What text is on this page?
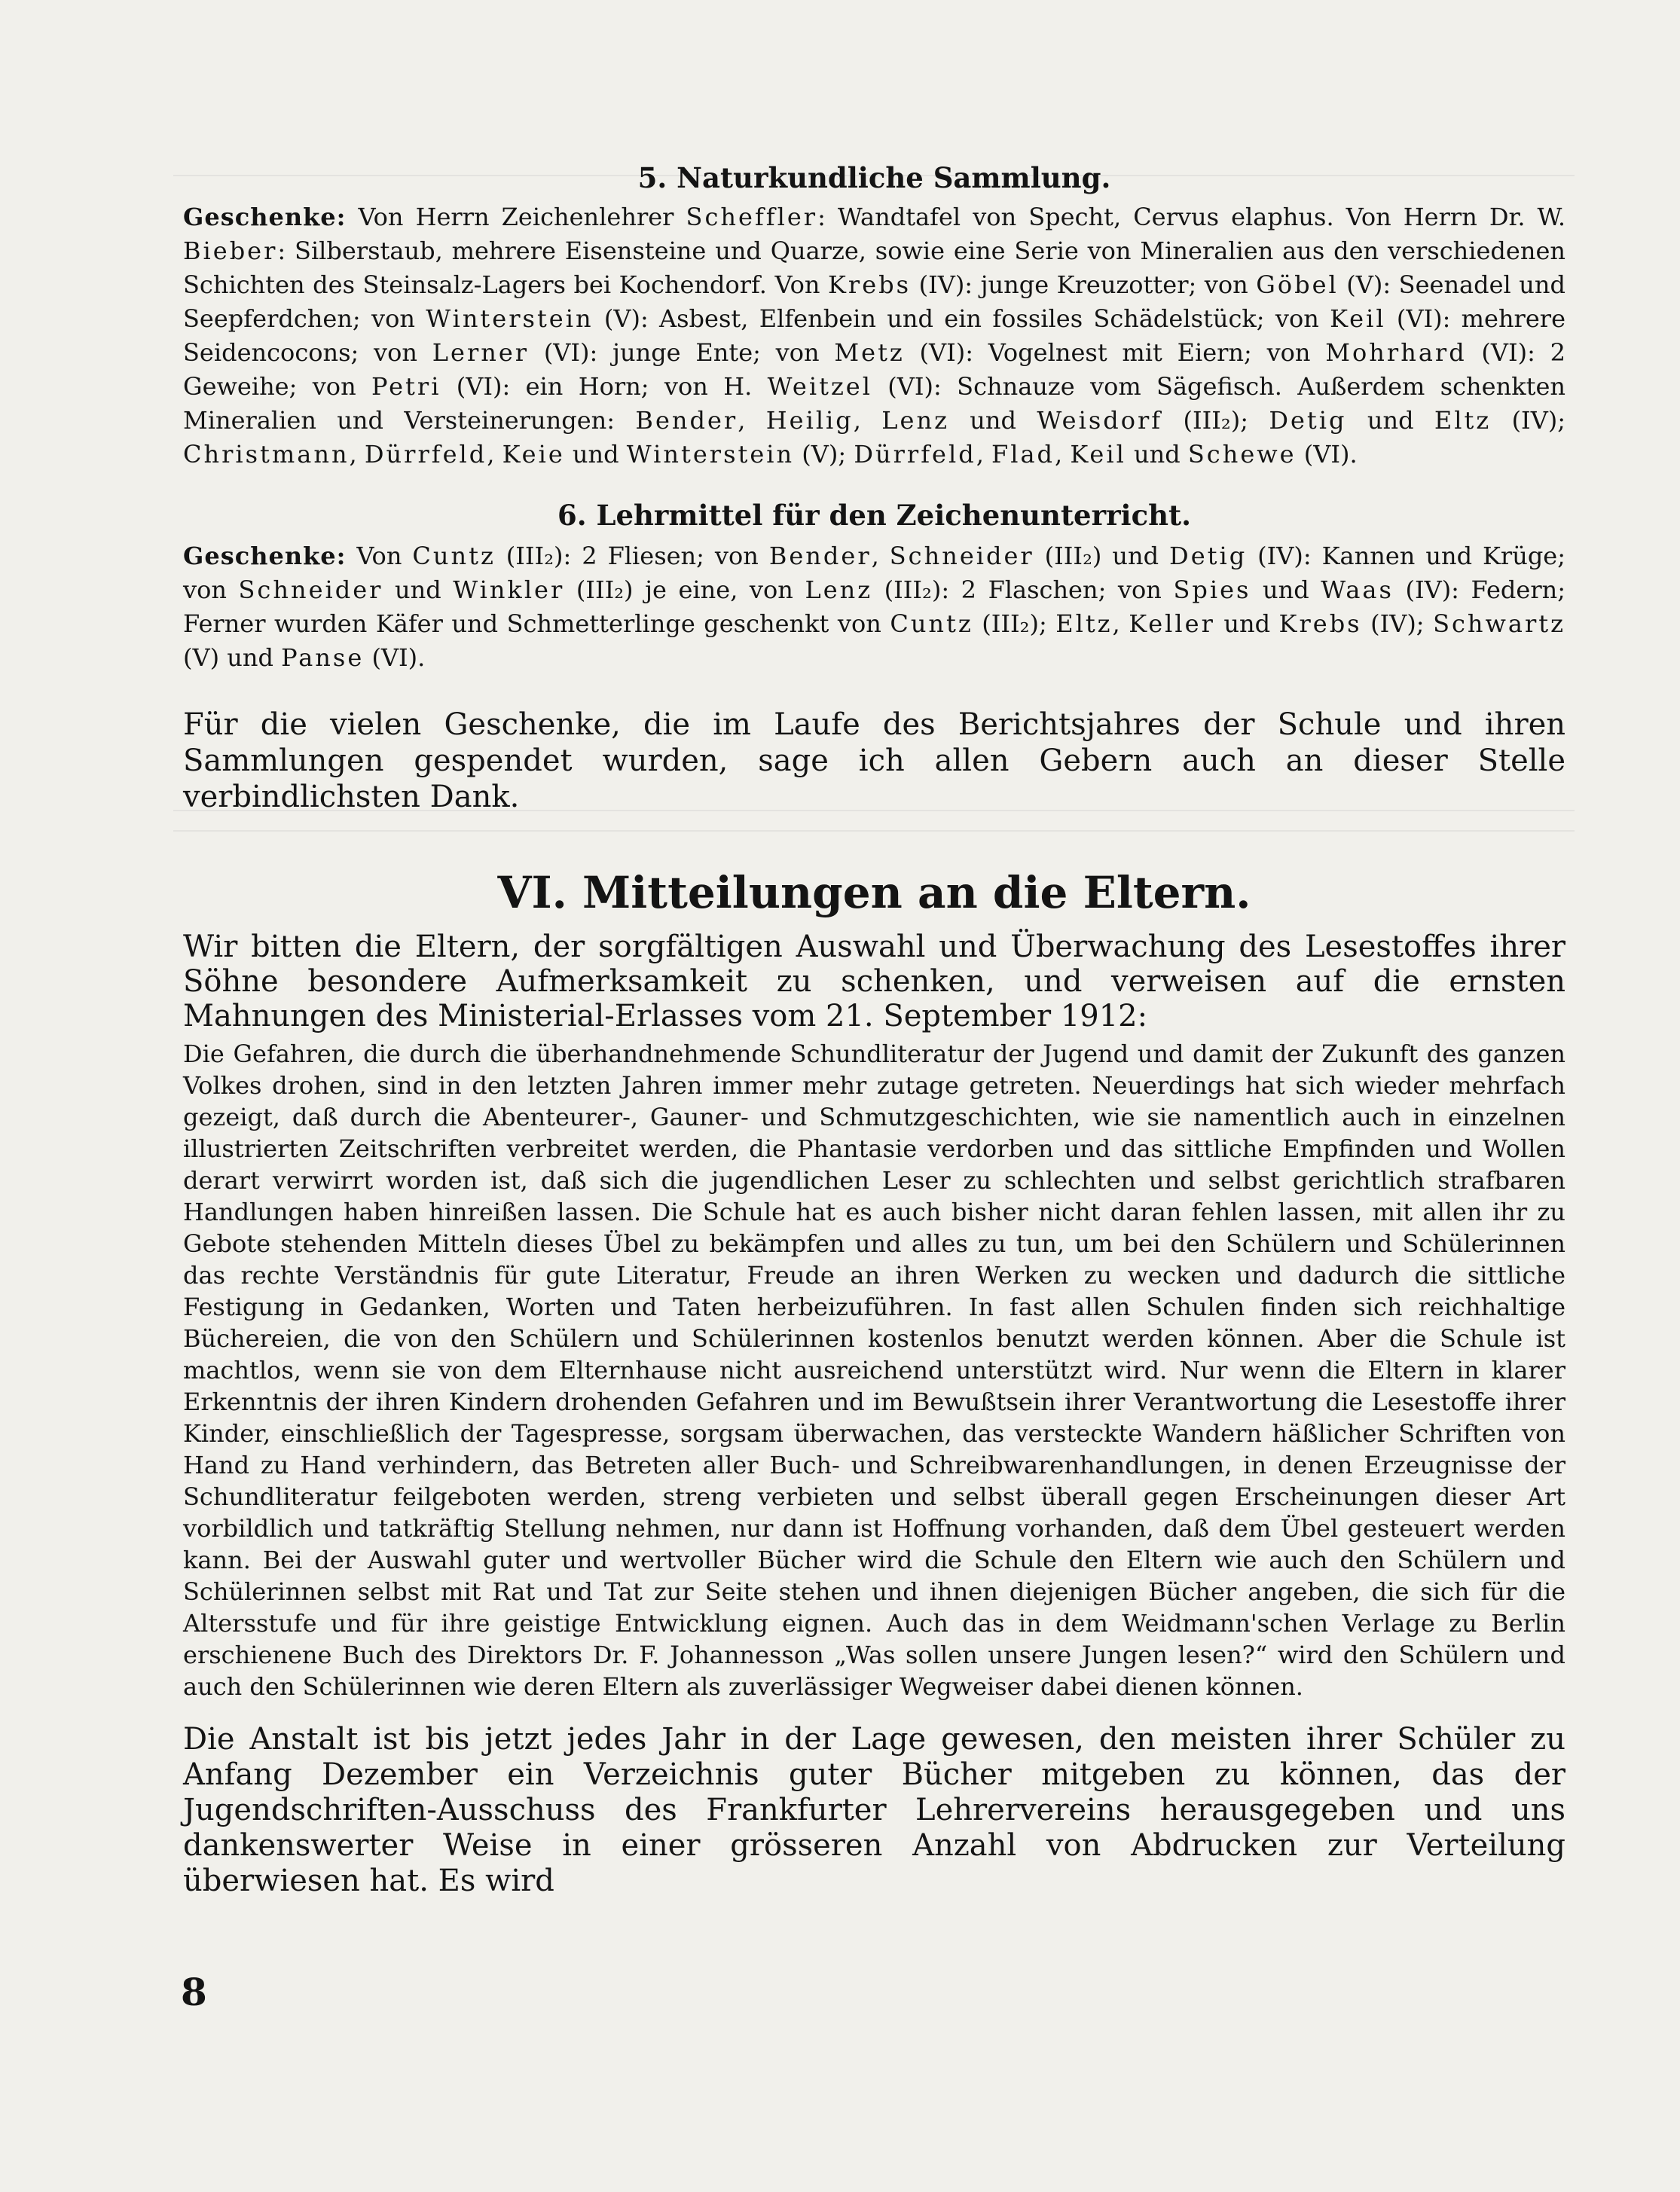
5. Naturkundliche Sammlung.

Geschenke: Von Herrn Zeichenlehrer Scheffler: Wandtafel von Specht, Cervus elaphus. Von Herrn Dr. W. Bieber: Silberstaub, mehrere Eisensteine und Quarze, sowie eine Serie von Mineralien aus den verschiedenen Schichten des Steinsalz-Lagers bei Kochendorf. Von Krebs (IV): junge Kreuzotter; von Göbel (V): Seenadel und Seepferdchen; von Winterstein (V): Asbest, Elfenbein und ein fossiles Schädelstück; von Keil (VI): mehrere Seidencocons; von Lerner (VI): junge Ente; von Metz (VI): Vogelnest mit Eiern; von Mohrhard (VI): 2 Geweihe; von Petri (VI): ein Horn; von H. Weitzel (VI): Schnauze vom Sägefisch. Außerdem schenkten Mineralien und Versteinerungen: Bender, Heilig, Lenz und Weisdorf (III₂); Detig und Eltz (IV); Christmann, Dürrfeld, Keie und Winterstein (V); Dürrfeld, Flad, Keil und Schewe (VI).

6. Lehrmittel für den Zeichenunterricht.

Geschenke: Von Cuntz (III₂): 2 Fliesen; von Bender, Schneider (III₂) und Detig (IV): Kannen und Krüge; von Schneider und Winkler (III₂) je eine, von Lenz (III₂): 2 Flaschen; von Spies und Waas (IV): Federn; Ferner wurden Käfer und Schmetterlinge geschenkt von Cuntz (III₂); Eltz, Keller und Krebs (IV); Schwartz (V) und Panse (VI).

Für die vielen Geschenke, die im Laufe des Berichtsjahres der Schule und ihren Sammlungen gespendet wurden, sage ich allen Gebern auch an dieser Stelle verbindlichsten Dank.

VI. Mitteilungen an die Eltern.

Wir bitten die Eltern, der sorgfältigen Auswahl und Überwachung des Lesestoffes ihrer Söhne besondere Aufmerksamkeit zu schenken, und verweisen auf die ernsten Mahnungen des Ministerial-Erlasses vom 21. September 1912:

Die Gefahren, die durch die überhandnehmende Schundliteratur der Jugend und damit der Zukunft des ganzen Volkes drohen, sind in den letzten Jahren immer mehr zutage getreten. Neuerdings hat sich wieder mehrfach gezeigt, daß durch die Abenteurer-, Gauner- und Schmutzgeschichten, wie sie namentlich auch in einzelnen illustrierten Zeitschriften verbreitet werden, die Phantasie verdorben und das sittliche Empfinden und Wollen derart verwirrt worden ist, daß sich die jugendlichen Leser zu schlechten und selbst gerichtlich strafbaren Handlungen haben hinreißen lassen. Die Schule hat es auch bisher nicht daran fehlen lassen, mit allen ihr zu Gebote stehenden Mitteln dieses Übel zu bekämpfen und alles zu tun, um bei den Schülern und Schülerinnen das rechte Verständnis für gute Literatur, Freude an ihren Werken zu wecken und dadurch die sittliche Festigung in Gedanken, Worten und Taten herbeizuführen. In fast allen Schulen finden sich reichhaltige Büchereien, die von den Schülern und Schülerinnen kostenlos benutzt werden können. Aber die Schule ist machtlos, wenn sie von dem Elternhause nicht ausreichend unterstützt wird. Nur wenn die Eltern in klarer Erkenntnis der ihren Kindern drohenden Gefahren und im Bewußtsein ihrer Verantwortung die Lesestoffe ihrer Kinder, einschließlich der Tagespresse, sorgsam überwachen, das versteckte Wandern häßlicher Schriften von Hand zu Hand verhindern, das Betreten aller Buch- und Schreibwarenhandlungen, in denen Erzeugnisse der Schundliteratur feilgeboten werden, streng verbieten und selbst überall gegen Erscheinungen dieser Art vorbildlich und tatkräftig Stellung nehmen, nur dann ist Hoffnung vorhanden, daß dem Übel gesteuert werden kann. Bei der Auswahl guter und wertvoller Bücher wird die Schule den Eltern wie auch den Schülern und Schülerinnen selbst mit Rat und Tat zur Seite stehen und ihnen diejenigen Bücher angeben, die sich für die Altersstufe und für ihre geistige Entwicklung eignen. Auch das in dem Weidmann'schen Verlage zu Berlin erschienene Buch des Direktors Dr. F. Johannesson „Was sollen unsere Jungen lesen?“ wird den Schülern und auch den Schülerinnen wie deren Eltern als zuverlässiger Wegweiser dabei dienen können.

Die Anstalt ist bis jetzt jedes Jahr in der Lage gewesen, den meisten ihrer Schüler zu Anfang Dezember ein Verzeichnis guter Bücher mitgeben zu können, das der Jugendschriften-Ausschuss des Frankfurter Lehrervereins herausgegeben und uns dankenswerter Weise in einer grösseren Anzahl von Abdrucken zur Verteilung überwiesen hat. Es wird

8
